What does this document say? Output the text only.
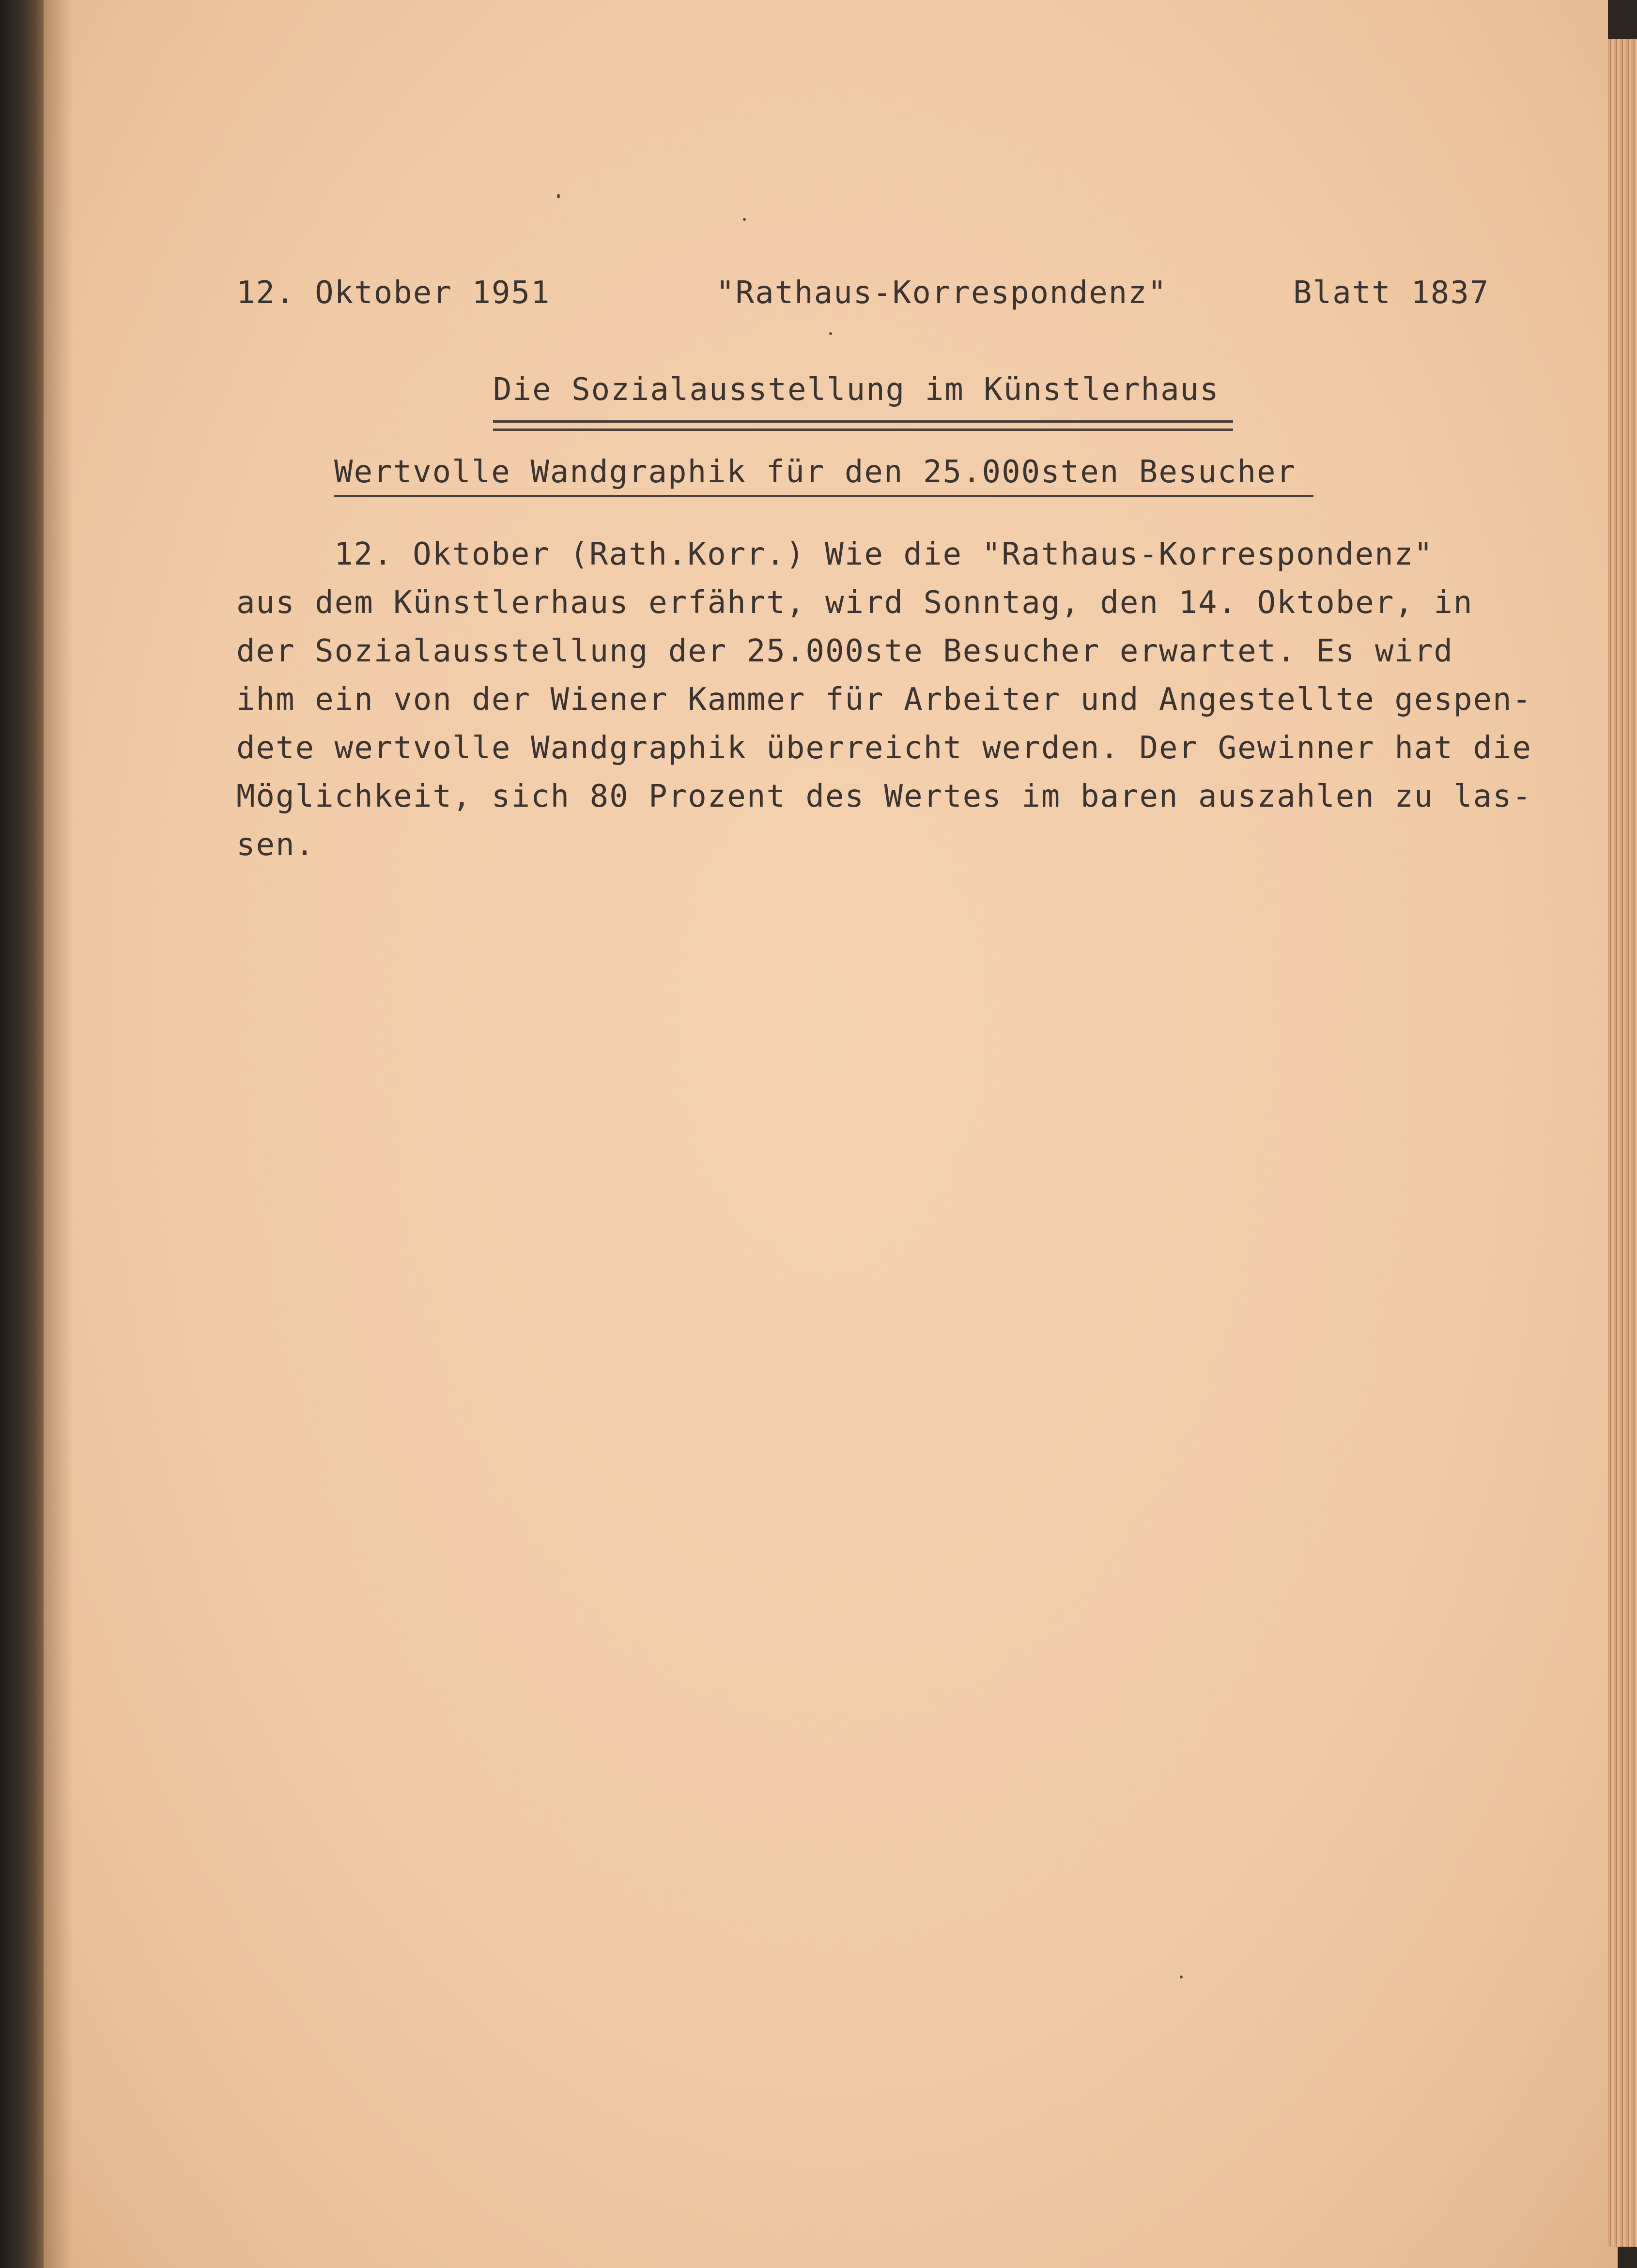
12. Oktober 1951	"Rathaus-Korrespondenz"	Blatt 1837
Die Sozialausstellung im Künstlerhaus
Wertvolle Wandgraphik für den 25.000sten Besucher
12. Oktober (Rath.Korr.) Wie die "Rathaus-Korrespondenz"
aus dem Künstlerhaus erfährt, wird Sonntag, den 14. Oktober, in
der Sozialausstellung der 25.000ste Besucher erwartet. Es wird
ihm ein von der Wiener Kammer für Arbeiter und Angestellte gespen-
dete wertvolle Wandgraphik überreicht werden. Der Gewinner hat die
Möglichkeit, sich 80 Prozent des Wertes im baren auszahlen zu las-
sen.
